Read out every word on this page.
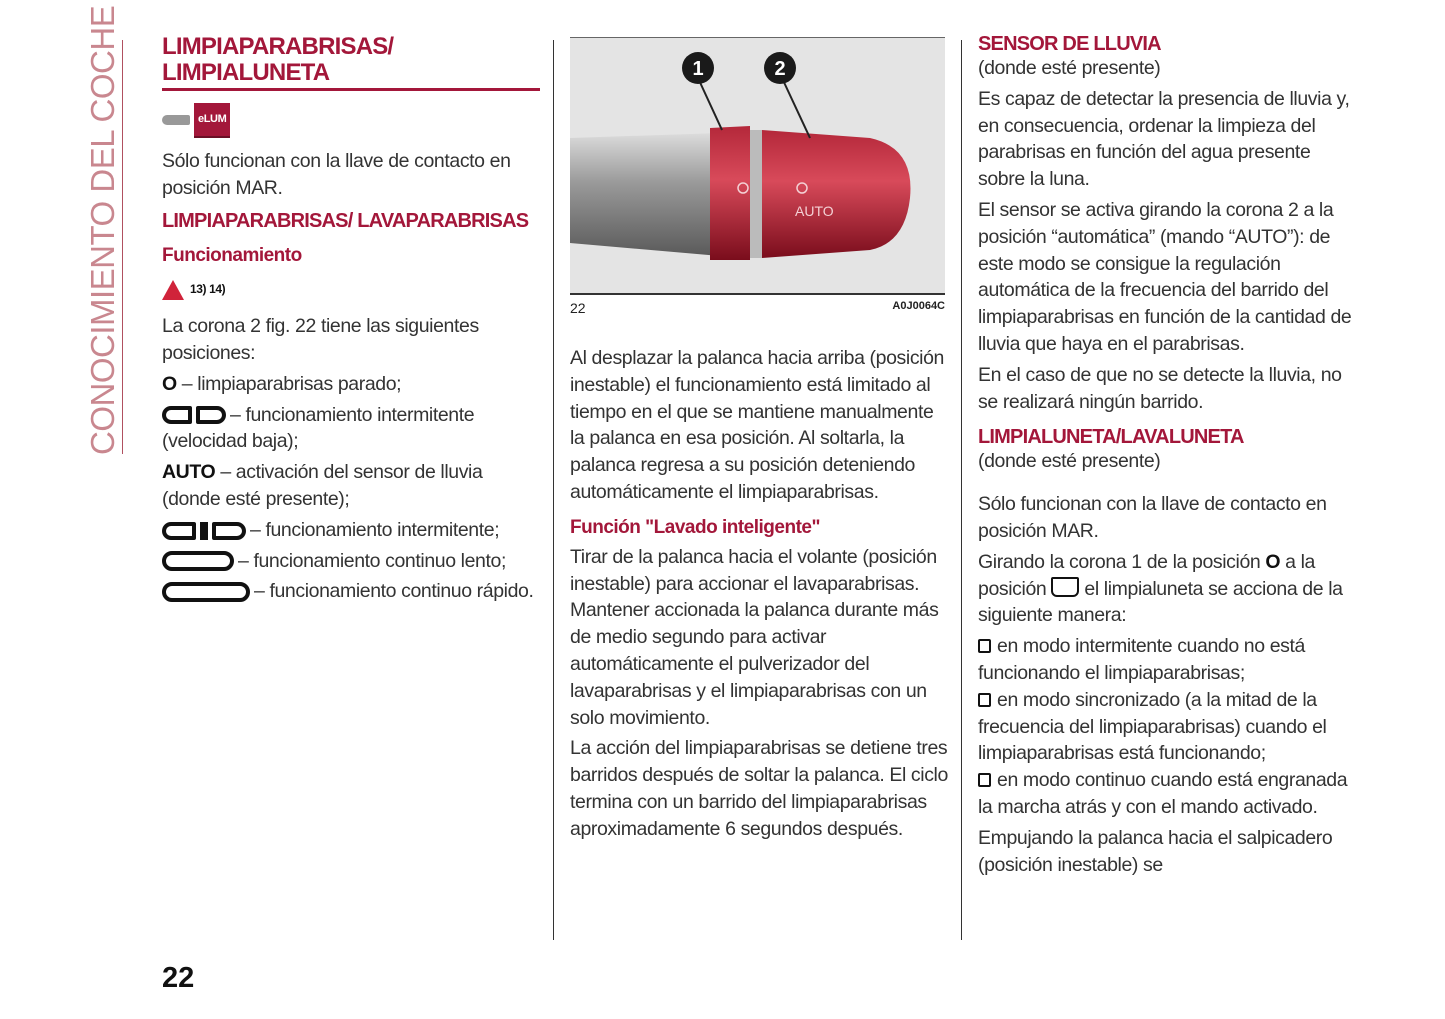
CONOCIMIENTO DEL COCHE LIMPIAPARABRISAS/ LIMPIALUNETA
eLUM

Sólo funcionan con la llave de contacto en posición MAR.

LIMPIAPARABRISAS/ LAVAPARABRISAS
Funcionamiento
13) 14)

La corona 2 fig. 22 tiene las siguientes posiciones:

O – limpiaparabrisas parado;

– funcionamiento intermitente (velocidad baja);

AUTO – activación del sensor de lluvia (donde esté presente);

– funcionamiento intermitente;

– funcionamiento continuo lento;

– funcionamiento continuo rápido.

1	2
AUTO
22	A0J0064C

Al desplazar la palanca hacia arriba (posición inestable) el funcionamiento está limitado al tiempo en el que se mantiene manualmente la palanca en esa posición. Al soltarla, la palanca regresa a su posición deteniendo automáticamente el limpiaparabrisas.

Función "Lavado inteligente"

Tirar de la palanca hacia el volante (posición inestable) para accionar el lavaparabrisas. Mantener accionada la palanca durante más de medio segundo para activar automáticamente el pulverizador del lavaparabrisas y el limpiaparabrisas con un solo movimiento.

La acción del limpiaparabrisas se detiene tres barridos después de soltar la palanca. El ciclo termina con un barrido del limpiaparabrisas aproximadamente 6 segundos después.

SENSOR DE LLUVIA

(donde esté presente)

Es capaz de detectar la presencia de lluvia y, en consecuencia, ordenar la limpieza del parabrisas en función del agua presente sobre la luna.

El sensor se activa girando la corona 2 a la posición “automática” (mando “AUTO”): de este modo se consigue la regulación automática de la frecuencia del barrido del limpiaparabrisas en función de la cantidad de lluvia que haya en el parabrisas.

En el caso de que no se detecte la lluvia, no se realizará ningún barrido.

LIMPIALUNETA/LAVALUNETA

(donde esté presente)

Sólo funcionan con la llave de contacto en posición MAR.

Girando la corona 1 de la posición O a la posición  el limpialuneta se acciona de la siguiente manera:

en modo intermitente cuando no está funcionando el limpiaparabrisas;

en modo sincronizado (a la mitad de la frecuencia del limpiaparabrisas) cuando el limpiaparabrisas está funcionando;

en modo continuo cuando está engranada la marcha atrás y con el mando activado.

Empujando la palanca hacia el salpicadero (posición inestable) se

22
